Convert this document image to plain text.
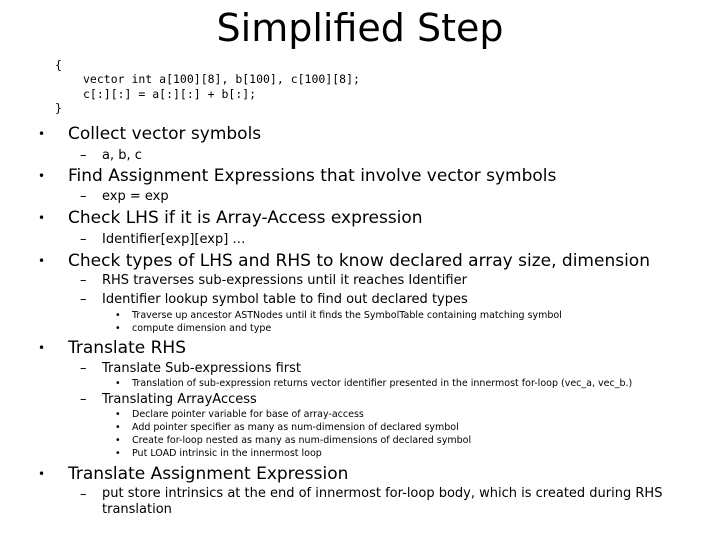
Simplified Step
{
vector int a[100][8], b[100], c[100][8];
c[:][:] = a[:][:] + b[:];
}
• Collect vector symbols
– a, b, c
• Find Assignment Expressions that involve vector symbols
– exp = exp
• Check LHS if it is Array-Access expression
– Identifier[exp][exp] …
• Check types of LHS and RHS to know declared array size, dimension
– RHS traverses sub-expressions until it reaches Identifier
– Identifier lookup symbol table to find out declared types
• Traverse up ancestor ASTNodes until it finds the SymbolTable containing matching symbol
• compute dimension and type
• Translate RHS
– Translate Sub-expressions first
• Translation of sub-expression returns vector identifier presented in the innermost for-loop (vec_a, vec_b.)
– Translating ArrayAccess
• Declare pointer variable for base of array-access
• Add pointer specifier as many as num-dimension of declared symbol
• Create for-loop nested as many as num-dimensions of declared symbol
• Put LOAD intrinsic in the innermost loop
• Translate Assignment Expression
– put store intrinsics at the end of innermost for-loop body, which is created during RHS translation
